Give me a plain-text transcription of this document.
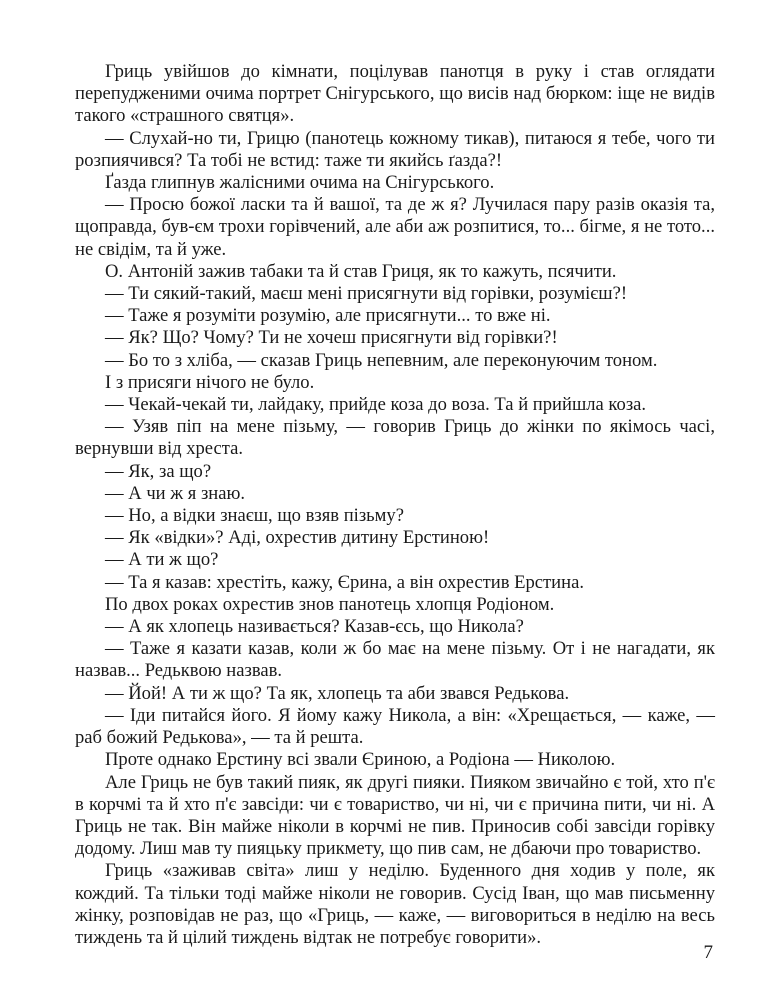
Гриць увійшов до кімнати, поцілував панотця в руку і став оглядати перепудженими очима портрет Снігурського, що висів над бюрком: іще не видів такого «страшного святця».

— Слухай-но ти, Грицю (панотець кожному тикав), питаюся я тебе, чого ти розпиячився? Та тобі не встид: таже ти якийсь ґазда?!

Ґазда глипнув жалісними очима на Снігурського.

— Просю божої ласки та й вашої, та де ж я? Лучилася пару разів оказія та, щоправда, був-єм трохи горівчений, але аби аж розпитися, то... бігме, я не тото... не свідім, та й уже.

О. Антоній зажив табаки та й став Гриця, як то кажуть, псячити.

— Ти сякий-такий, маєш мені присягнути від горівки, розумієш?!

— Таже я розуміти розумію, але присягнути... то вже ні.

— Як? Що? Чому? Ти не хочеш присягнути від горівки?!

— Бо то з хліба, — сказав Гриць непевним, але переконуючим тоном.

І з присяги нічого не було.

— Чекай-чекай ти, лайдаку, прийде коза до воза. Та й прийшла коза.

— Узяв піп на мене пізьму, — говорив Гриць до жінки по якімось часі, вернувши від хреста.

— Як, за що?

— А чи ж я знаю.

— Но, а відки знаєш, що взяв пізьму?

— Як «відки»? Аді, охрестив дитину Ерстиною!

— А ти ж що?

— Та я казав: хрестіть, кажу, Єрина, а він охрестив Ерстина.

По двох роках охрестив знов панотець хлопця Родіоном.

— А як хлопець називається? Казав-єсь, що Никола?

— Таже я казати казав, коли ж бо має на мене пізьму. От і не нагадати, як назвав... Редьквою назвав.

— Йой! А ти ж що? Та як, хлопець та аби звався Редькова.

— Іди питайся його. Я йому кажу Никола, а він: «Хрещається, — каже, — раб божий Редькова», — та й решта.

Проте однако Ерстину всі звали Єриною, а Родіона — Николою.

Але Гриць не був такий пияк, як другі пияки. Пияком звичайно є той, хто п'є в корчмі та й хто п'є завсіди: чи є товариство, чи ні, чи є причина пити, чи ні. А Гриць не так. Він майже ніколи в корчмі не пив. Приносив собі завсіди горівку додому. Лиш мав ту пияцьку прикмету, що пив сам, не дбаючи про товариство.

Гриць «заживав світа» лиш у неділю. Буденного дня ходив у поле, як кождий. Та тільки тоді майже ніколи не говорив. Сусід Іван, що мав письменну жінку, розповідав не раз, що «Гриць, — каже, — виговориться в неділю на весь тиждень та й цілий тиждень відтак не потребує говорити».

7
